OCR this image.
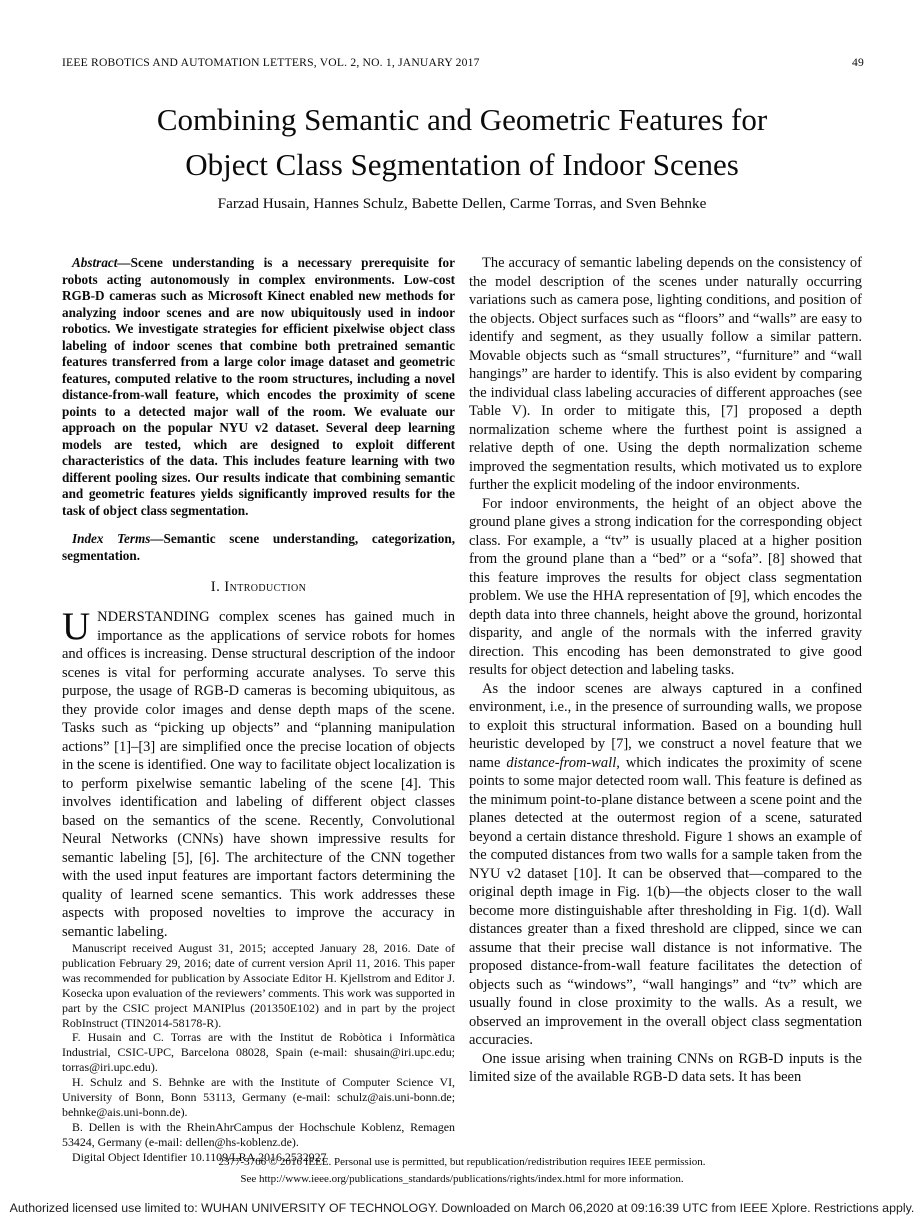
IEEE ROBOTICS AND AUTOMATION LETTERS, VOL. 2, NO. 1, JANUARY 2017	49
Combining Semantic and Geometric Features for
Object Class Segmentation of Indoor Scenes
Farzad Husain, Hannes Schulz, Babette Dellen, Carme Torras, and Sven Behnke

Abstract—Scene understanding is a necessary prerequisite for robots acting autonomously in complex environments. Low-cost RGB-D cameras such as Microsoft Kinect enabled new methods for analyzing indoor scenes and are now ubiquitously used in indoor robotics. We investigate strategies for efficient pixelwise object class labeling of indoor scenes that combine both pretrained semantic features transferred from a large color image dataset and geometric features, computed relative to the room structures, including a novel distance-from-wall feature, which encodes the proximity of scene points to a detected major wall of the room. We evaluate our approach on the popular NYU v2 dataset. Several deep learning models are tested, which are designed to exploit different characteristics of the data. This includes feature learning with two different pooling sizes. Our results indicate that combining semantic and geometric features yields significantly improved results for the task of object class segmentation.

Index Terms—Semantic scene understanding, categorization, segmentation.

I. Introduction

UNDERSTANDING complex scenes has gained much in importance as the applications of service robots for homes and offices is increasing. Dense structural description of the indoor scenes is vital for performing accurate analyses. To serve this purpose, the usage of RGB-D cameras is becoming ubiquitous, as they provide color images and dense depth maps of the scene. Tasks such as “picking up objects” and “planning manipulation actions” [1]–[3] are simplified once the precise location of objects in the scene is identified. One way to facilitate object localization is to perform pixelwise semantic labeling of the scene [4]. This involves identification and labeling of different object classes based on the semantics of the scene. Recently, Convolutional Neural Networks (CNNs) have shown impressive results for semantic labeling [5], [6]. The architecture of the CNN together with the used input features are important factors determining the quality of learned scene semantics. This work addresses these aspects with proposed novelties to improve the accuracy in semantic labeling.

Manuscript received August 31, 2015; accepted January 28, 2016. Date of publication February 29, 2016; date of current version April 11, 2016. This paper was recommended for publication by Associate Editor H. Kjellstrom and Editor J. Kosecka upon evaluation of the reviewers’ comments. This work was supported in part by the CSIC project MANIPlus (201350E102) and in part by the project RobInstruct (TIN2014-58178-R).

F. Husain and C. Torras are with the Institut de Robòtica i Informàtica Industrial, CSIC-UPC, Barcelona 08028, Spain (e-mail: shusain@iri.upc.edu; torras@iri.upc.edu).

H. Schulz and S. Behnke are with the Institute of Computer Science VI, University of Bonn, Bonn 53113, Germany (e-mail: schulz@ais.uni-bonn.de; behnke@ais.uni-bonn.de).

B. Dellen is with the RheinAhrCampus der Hochschule Koblenz, Remagen 53424, Germany (e-mail: dellen@hs-koblenz.de).

Digital Object Identifier 10.1109/LRA.2016.2532927

The accuracy of semantic labeling depends on the consistency of the model description of the scenes under naturally occurring variations such as camera pose, lighting conditions, and position of the objects. Object surfaces such as “floors” and “walls” are easy to identify and segment, as they usually follow a similar pattern. Movable objects such as “small structures”, “furniture” and “wall hangings” are harder to identify. This is also evident by comparing the individual class labeling accuracies of different approaches (see Table V). In order to mitigate this, [7] proposed a depth normalization scheme where the furthest point is assigned a relative depth of one. Using the depth normalization scheme improved the segmentation results, which motivated us to explore further the explicit modeling of the indoor environments.

For indoor environments, the height of an object above the ground plane gives a strong indication for the corresponding object class. For example, a “tv” is usually placed at a higher position from the ground plane than a “bed” or a “sofa”. [8] showed that this feature improves the results for object class segmentation problem. We use the HHA representation of [9], which encodes the depth data into three channels, height above the ground, horizontal disparity, and angle of the normals with the inferred gravity direction. This encoding has been demonstrated to give good results for object detection and labeling tasks.

As the indoor scenes are always captured in a confined environment, i.e., in the presence of surrounding walls, we propose to exploit this structural information. Based on a bounding hull heuristic developed by [7], we construct a novel feature that we name distance-from-wall, which indicates the proximity of scene points to some major detected room wall. This feature is defined as the minimum point-to-plane distance between a scene point and the planes detected at the outermost region of a scene, saturated beyond a certain distance threshold. Figure 1 shows an example of the computed distances from two walls for a sample taken from the NYU v2 dataset [10]. It can be observed that—compared to the original depth image in Fig. 1(b)—the objects closer to the wall become more distinguishable after thresholding in Fig. 1(d). Wall distances greater than a fixed threshold are clipped, since we can assume that their precise wall distance is not informative. The proposed distance-from-wall feature facilitates the detection of objects such as “windows”, “wall hangings” and “tv” which are usually found in close proximity to the walls. As a result, we observed an improvement in the overall object class segmentation accuracies.

One issue arising when training CNNs on RGB-D inputs is the limited size of the available RGB-D data sets. It has been

2377-3766 © 2016 IEEE. Personal use is permitted, but republication/redistribution requires IEEE permission.
See http://www.ieee.org/publications_standards/publications/rights/index.html for more information.
Authorized licensed use limited to: WUHAN UNIVERSITY OF TECHNOLOGY. Downloaded on March 06,2020 at 09:16:39 UTC from IEEE Xplore. Restrictions apply.
